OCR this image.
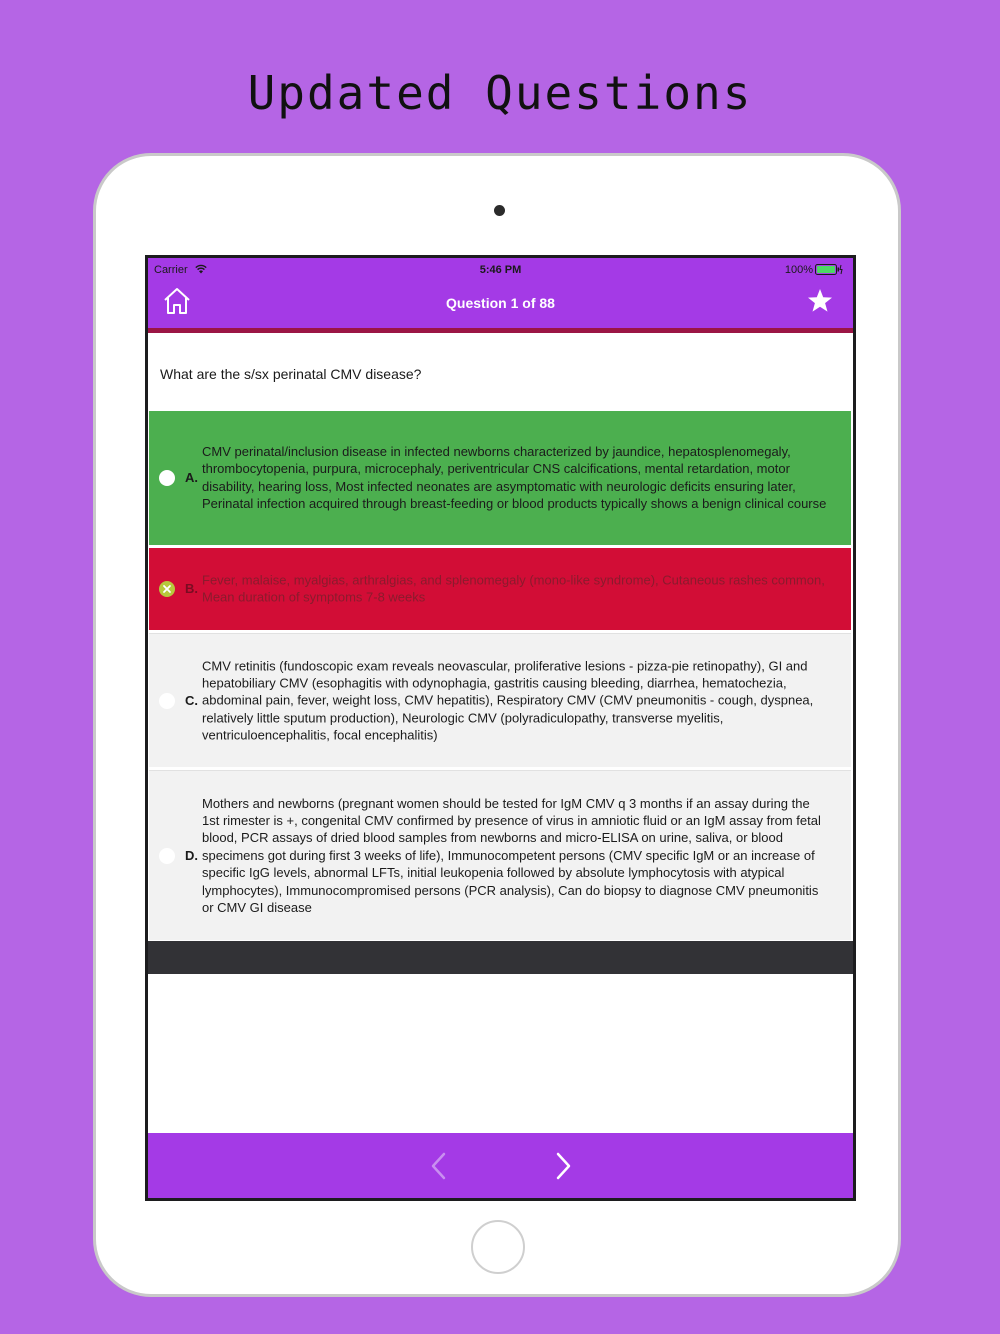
Updated Questions
Carrier	5:46 PM	100%
Question 1 of 88
What are the s/sx perinatal CMV disease?
A.
CMV perinatal/inclusion disease in infected newborns characterized by jaundice, hepatosplenomegaly, thrombocytopenia, purpura, microcephaly, periventricular CNS calcifications, mental retardation, motor disability, hearing loss, Most infected neonates are asymptomatic with neurologic deficits ensuring later, Perinatal infection acquired through breast-feeding or blood products typically shows a benign clinical course
B.
Fever, malaise, myalgias, arthralgias, and splenomegaly (mono-like syndrome), Cutaneous rashes common, Mean duration of symptoms 7-8 weeks
C.
CMV retinitis (fundoscopic exam reveals neovascular, proliferative lesions - pizza-pie retinopathy), GI and hepatobiliary CMV (esophagitis with odynophagia, gastritis causing bleeding, diarrhea, hematochezia, abdominal pain, fever, weight loss, CMV hepatitis), Respiratory CMV (CMV pneumonitis - cough, dyspnea, relatively little sputum production), Neurologic CMV (polyradiculopathy, transverse myelitis, ventriculoencephalitis, focal encephalitis)
D.
Mothers and newborns (pregnant women should be tested for IgM CMV q 3 months if an assay during the 1st rimester is +, congenital CMV confirmed by presence of virus in amniotic fluid or an IgM assay from fetal blood, PCR assays of dried blood samples from newborns and micro-ELISA on urine, saliva, or blood specimens got during first 3 weeks of life), Immunocompetent persons (CMV specific IgM or an increase of specific IgG levels, abnormal LFTs, initial leukopenia followed by absolute lymphocytosis with atypical lymphocytes), Immunocompromised persons (PCR analysis), Can do biopsy to diagnose CMV pneumonitis or CMV GI disease
